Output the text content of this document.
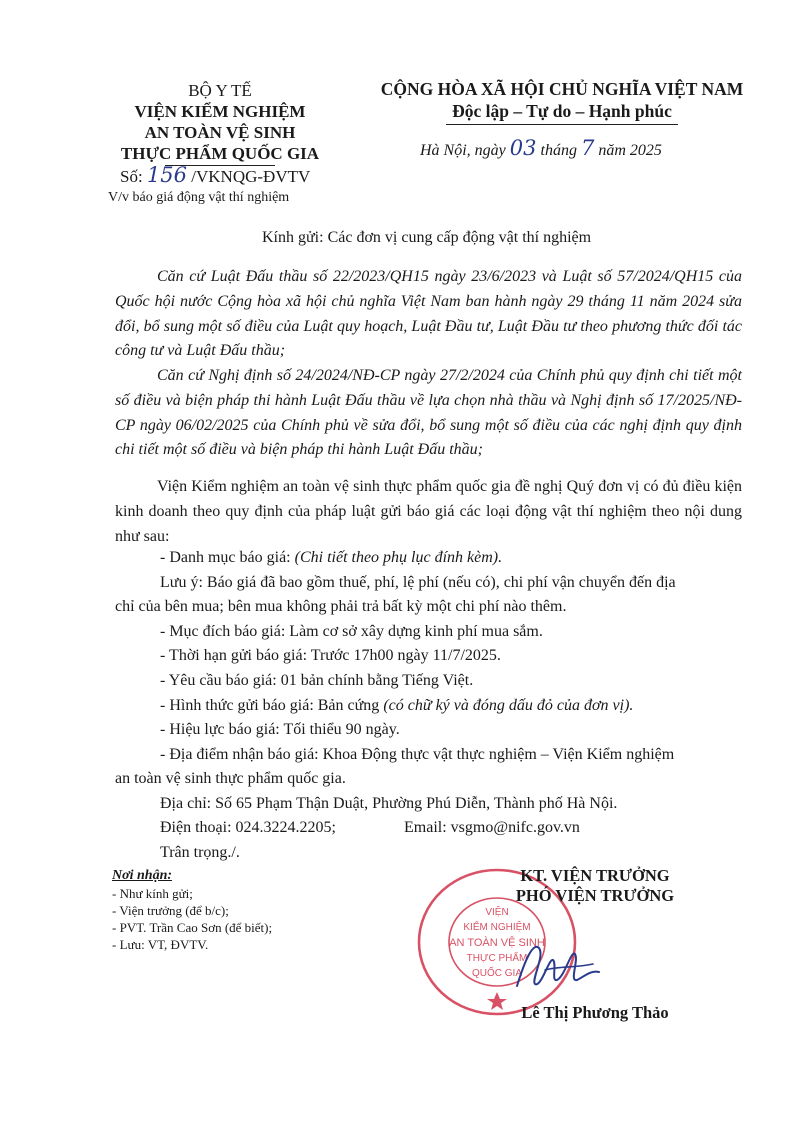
BỘ Y TẾ
VIỆN KIỂM NGHIỆM
AN TOÀN VỆ SINH
THỰC PHẨM QUỐC GIA
Số: 156 /VKNQG-ĐVTV
V/v báo giá động vật thí nghiệm
CỘNG HÒA XÃ HỘI CHỦ NGHĨA VIỆT NAM
Độc lập – Tự do – Hạnh phúc
Hà Nội, ngày 03 tháng 7 năm 2025
Kính gửi: Các đơn vị cung cấp động vật thí nghiệm
Căn cứ Luật Đấu thầu số 22/2023/QH15 ngày 23/6/2023 và Luật số 57/2024/QH15 của Quốc hội nước Cộng hòa xã hội chủ nghĩa Việt Nam ban hành ngày 29 tháng 11 năm 2024 sửa đổi, bổ sung một số điều của Luật quy hoạch, Luật Đầu tư, Luật Đầu tư theo phương thức đối tác công tư và Luật Đấu thầu;
Căn cứ Nghị định số 24/2024/NĐ-CP ngày 27/2/2024 của Chính phủ quy định chi tiết một số điều và biện pháp thi hành Luật Đấu thầu về lựa chọn nhà thầu và Nghị định số 17/2025/NĐ-CP ngày 06/02/2025 của Chính phủ về sửa đổi, bổ sung một số điều của các nghị định quy định chi tiết một số điều và biện pháp thi hành Luật Đấu thầu;
Viện Kiểm nghiệm an toàn vệ sinh thực phẩm quốc gia đề nghị Quý đơn vị có đủ điều kiện kinh doanh theo quy định của pháp luật gửi báo giá các loại động vật thí nghiệm theo nội dung như sau:
- Danh mục báo giá: (Chi tiết theo phụ lục đính kèm).
Lưu ý: Báo giá đã bao gồm thuế, phí, lệ phí (nếu có), chi phí vận chuyển đến địa
chỉ của bên mua; bên mua không phải trả bất kỳ một chi phí nào thêm.
- Mục đích báo giá: Làm cơ sở xây dựng kinh phí mua sắm.
- Thời hạn gửi báo giá: Trước 17h00 ngày 11/7/2025.
- Yêu cầu báo giá: 01 bản chính bằng Tiếng Việt.
- Hình thức gửi báo giá: Bản cứng (có chữ ký và đóng dấu đỏ của đơn vị).
- Hiệu lực báo giá: Tối thiểu 90 ngày.
- Địa điểm nhận báo giá: Khoa Động thực vật thực nghiệm – Viện Kiểm nghiệm
an toàn vệ sinh thực phẩm quốc gia.
Địa chỉ: Số 65 Phạm Thận Duật, Phường Phú Diễn, Thành phố Hà Nội.
Điện thoại: 024.3224.2205;	Email: vsgmo@nifc.gov.vn
Trân trọng./.
Nơi nhận:
- Như kính gửi;
- Viện trưởng (để b/c);
- PVT. Trần Cao Sơn (để biết);
- Lưu: VT, ĐVTV.
VIỆN
KIỂM NGHIỆM
AN TOÀN VỆ SINH
THỰC PHẨM
QUỐC GIA
KT. VIỆN TRƯỞNG
PHÓ VIỆN TRƯỞNG
Lê Thị Phương Thảo
